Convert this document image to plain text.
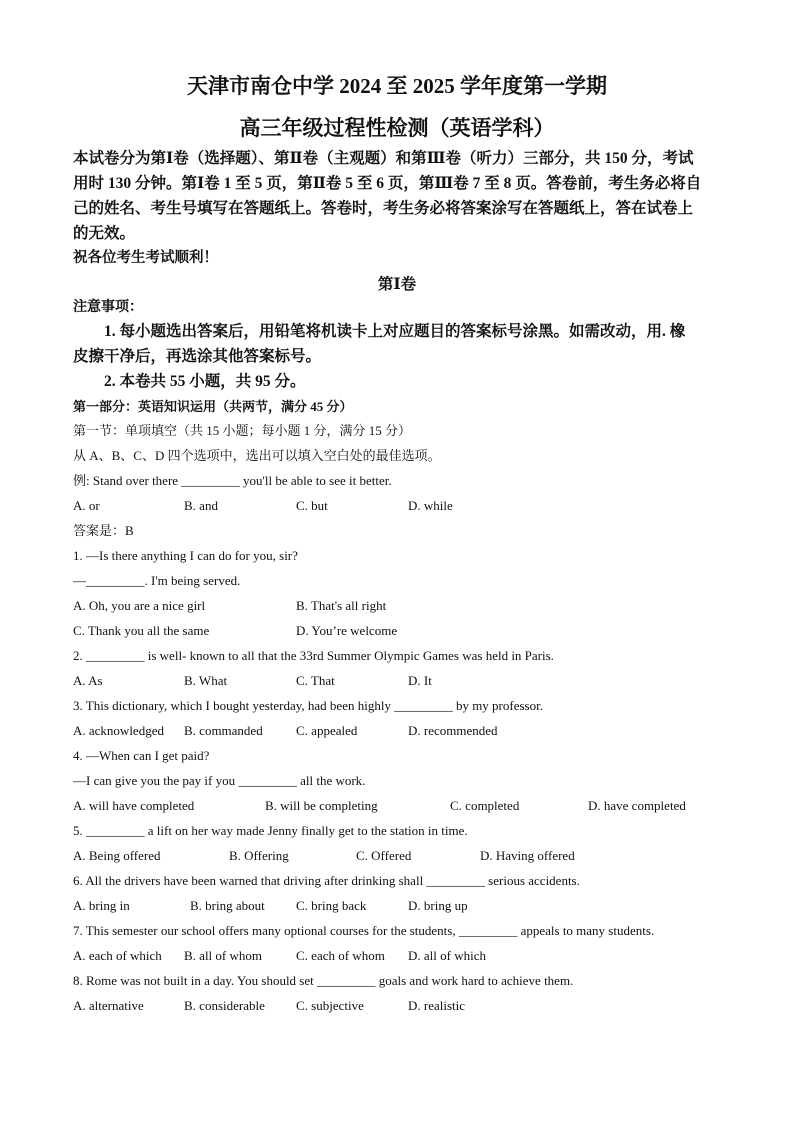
天津市南仓中学 2024 至 2025 学年度第一学期
高三年级过程性检测（英语学科）
本试卷分为第Ⅰ卷（选择题）、第Ⅱ卷（主观题）和第Ⅲ卷（听力）三部分，共 150 分，考试
用时 130 分钟。第Ⅰ卷 1 至 5 页，第Ⅱ卷 5 至 6 页，第Ⅲ卷 7 至 8 页。答卷前，考生务必将自
己的姓名、考生号填写在答题纸上。答卷时，考生务必将答案涂写在答题纸上，答在试卷上
的无效。
祝各位考生考试顺利！
第Ⅰ卷
注意事项：
1. 每小题选出答案后，用铅笔将机读卡上对应题目的答案标号涂黑。如需改动，用. 橡
皮擦干净后，再选涂其他答案标号。
2. 本卷共 55 小题，共 95 分。
第一部分：英语知识运用（共两节，满分 45 分）
第一节：单项填空（共 15 小题；每小题 1 分，满分 15 分）
从 A、B、C、D 四个选项中，选出可以填入空白处的最佳选项。
例: Stand over there _________ you'll be able to see it better.
A. or	B. and	C. but	D. while
答案是：B
1. —Is there anything I can do for you, sir?
—_________. I'm being served.
A. Oh, you are a nice girl	B. That's all right
C. Thank you all the same	D. You’re welcome
2. _________ is well- known to all that the 33rd Summer Olympic Games was held in Paris.
A. As	B. What	C. That	D. It
3. This dictionary, which I bought yesterday, had been highly _________ by my professor.
A. acknowledged B. commanded	C. appealed	D. recommended
4. —When can I get paid?
—I can give you the pay if you _________ all the work.
A. will have completed	B. will be completing	C. completed	D. have completed
5. _________ a lift on her way made Jenny finally get to the station in time.
A. Being offered	B. Offering	C. Offered	D. Having offered
6. All the drivers have been warned that driving after drinking shall _________ serious accidents.
A. bring in	B. bring about C. bring back	D. bring up
7. This semester our school offers many optional courses for the students, _________ appeals to many students.
A. each of which B. all of whom	C. each of whom D. all of which
8. Rome was not built in a day. You should set _________ goals and work hard to achieve them.
A. alternative	B. considerable C. subjective	D. realistic
